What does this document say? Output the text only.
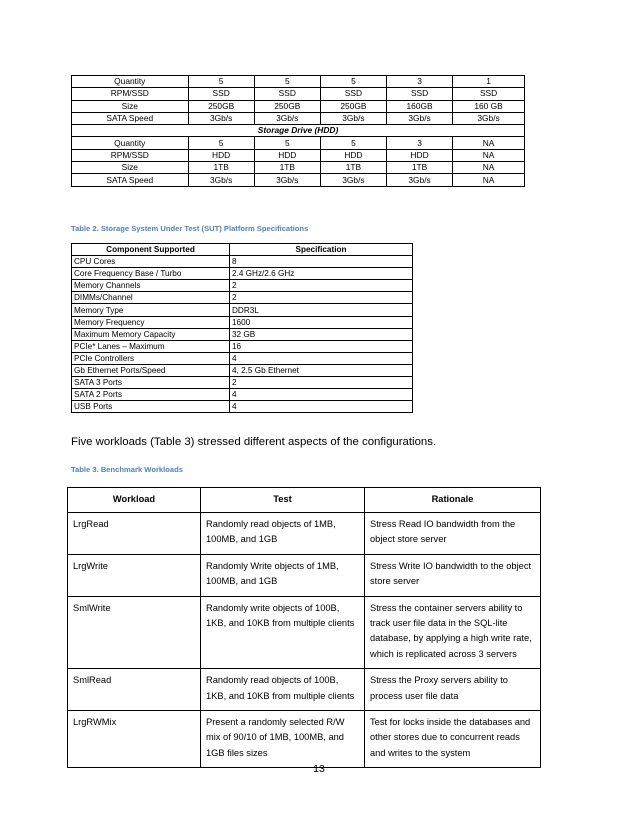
Quantity	5	5	5	3	1
RPM/SSD	SSD	SSD	SSD	SSD	SSD
Size	250GB	250GB	250GB	160GB	160 GB
SATA Speed	3Gb/s	3Gb/s	3Gb/s	3Gb/s	3Gb/s
Storage Drive (HDD)					
Quantity	5	5	5	3	NA
RPM/SSD	HDD	HDD	HDD	HDD	NA
Size	1TB	1TB	1TB	1TB	NA
SATA Speed	3Gb/s	3Gb/s	3Gb/s	3Gb/s	NA
Table 2. Storage System Under Test (SUT) Platform Specifications
Component Supported	Specification
CPU Cores	8
Core Frequency Base / Turbo	2.4 GHz/2.6 GHz
Memory Channels	2
DIMMs/Channel	2
Memory Type	DDR3L
Memory Frequency	1600
Maximum Memory Capacity	32 GB
PCIe* Lanes – Maximum	16
PCIe Controllers	4
Gb Ethernet Ports/Speed	4, 2.5 Gb Ethernet
SATA 3 Ports	2
SATA 2 Ports	4
USB Ports	4
Five workloads (Table 3) stressed different aspects of the configurations.
Table 3. Benchmark Workloads
Workload	Test	Rationale
LrgRead	Randomly read objects of 1MB, 100MB, and 1GB	Stress Read IO bandwidth from the object store server
LrgWrite	Randomly Write objects of 1MB, 100MB, and 1GB	Stress Write IO bandwidth to the object store server
SmlWrite	Randomly write objects of 100B, 1KB, and 10KB from multiple clients	Stress the container servers ability to track user file data in the SQL-lite database, by applying a high write rate, which is replicated across 3 servers
SmlRead	Randomly read objects of 100B, 1KB, and 10KB from multiple clients	Stress the Proxy servers ability to process user file data
LrgRWMix	Present a randomly selected R/W mix of 90/10 of 1MB, 100MB, and 1GB files sizes	Test for locks inside the databases and other stores due to concurrent reads and writes to the system
13
